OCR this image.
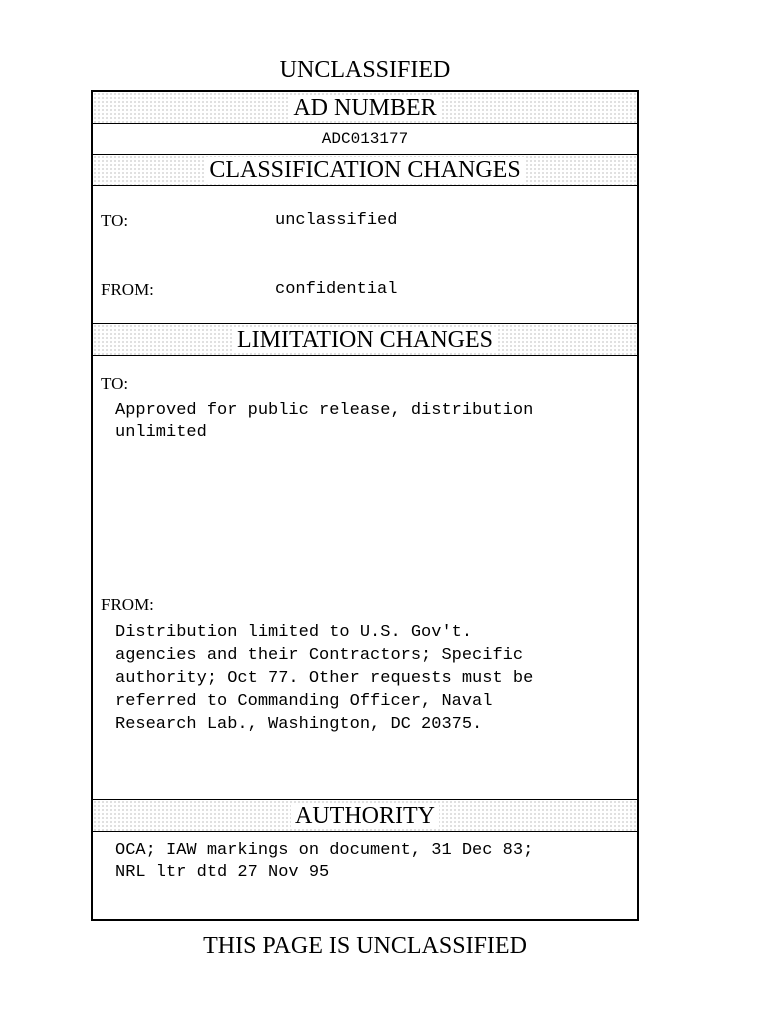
UNCLASSIFIED
AD NUMBER
ADC013177
CLASSIFICATION CHANGES
TO:	unclassified
FROM:	confidential
LIMITATION CHANGES
TO:
Approved for public release, distribution
unlimited
FROM:
Distribution limited to U.S. Gov't.
agencies and their Contractors; Specific
authority; Oct 77. Other requests must be
referred to Commanding Officer, Naval
Research Lab., Washington, DC 20375.
AUTHORITY
OCA; IAW markings on document, 31 Dec 83;
NRL ltr dtd 27 Nov 95
THIS PAGE IS UNCLASSIFIED
